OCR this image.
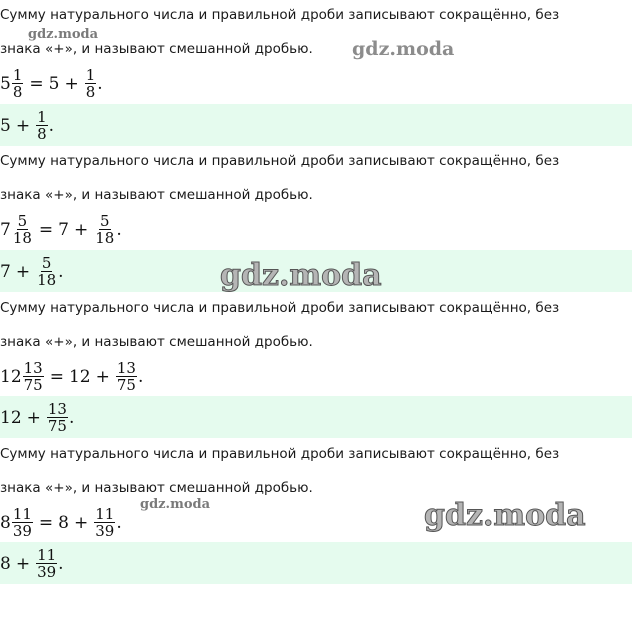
Сумму натурального числа и правильной дроби записывают сокращённо, без
знака «+», и называют смешанной дробью.
$5 \frac{1}{8} = 5 + \frac{1}{8}$ .
$5 + \frac{1}{8}$ .
Сумму натурального числа и правильной дроби записывают сокращённо, без
знака «+», и называют смешанной дробью.
$7 \frac{5}{18} = 7 + \frac{5}{18}$ .
$7 + \frac{5}{18}$ .
Сумму натурального числа и правильной дроби записывают сокращённо, без
знака «+», и называют смешанной дробью.
$12 \frac{13}{75} = 12 + \frac{13}{75}$ .
$12 + \frac{13}{75}$ .
Сумму натурального числа и правильной дроби записывают сокращённо, без
знака «+», и называют смешанной дробью.
$8 \frac{11}{39} = 8 + \frac{11}{39}$ .
$8 + \frac{11}{39}$ .
gdz.moda
gdz.moda
gdz.moda
gdz.moda	gdz.moda
